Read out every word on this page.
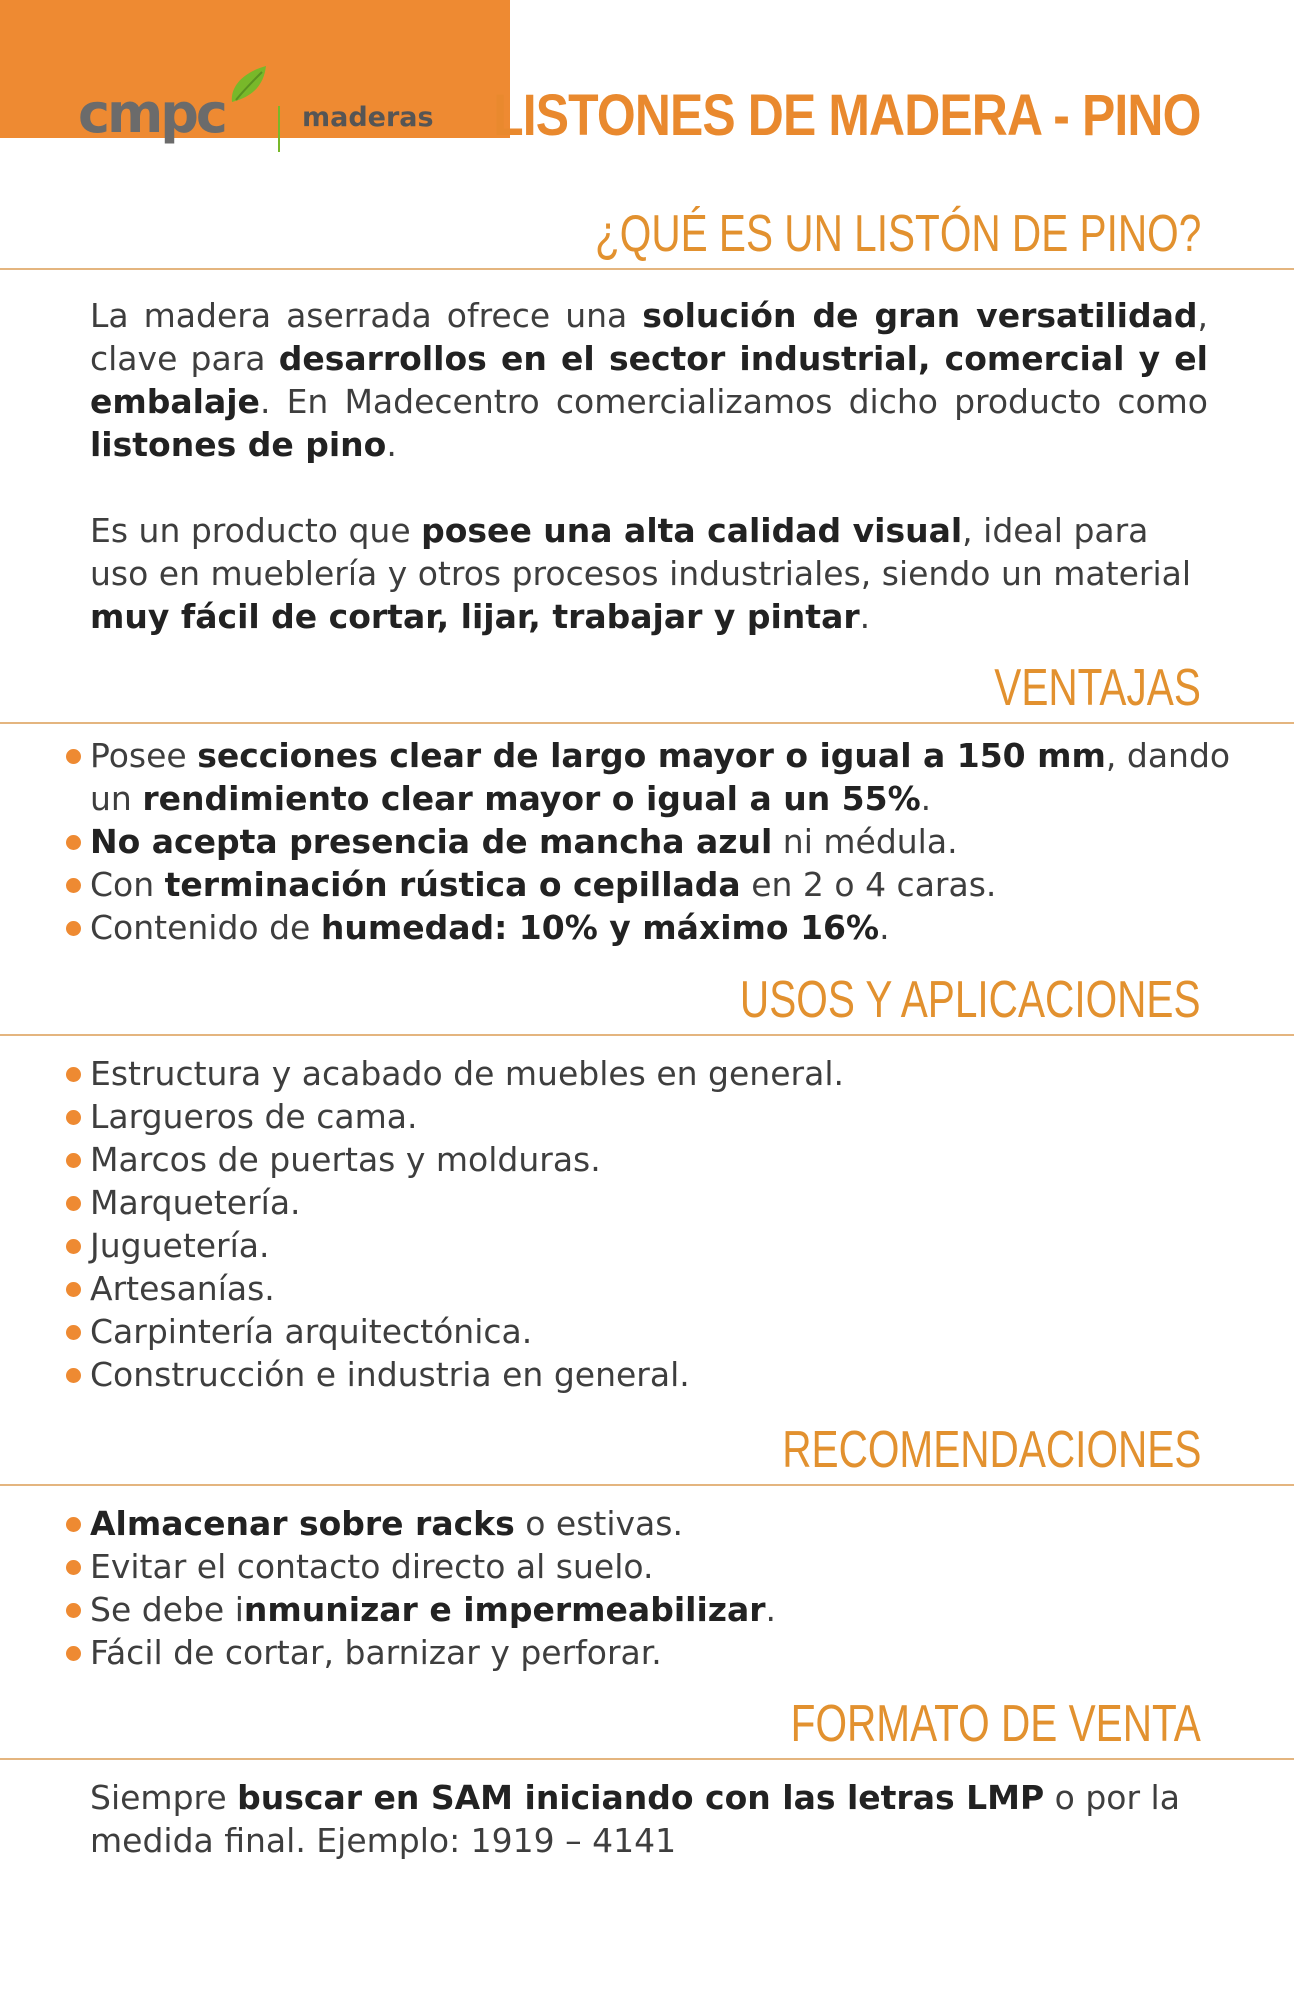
cmpc	maderas LISTONES DE MADERA - PINO
¿QUÉ ES UN LISTÓN DE PINO?

La madera aserrada ofrece una solución de gran versatilidad, clave para desarrollos en el sector industrial, comercial y el embalaje. En Madecentro comercializamos dicho producto como listones de pino.

Es un producto que posee una alta calidad visual, ideal para uso en mueblería y otros procesos industriales, siendo un material muy fácil de cortar, lijar, trabajar y pintar.

VENTAJAS
Posee secciones clear de largo mayor o igual a 150 mm, dando un rendimiento clear mayor o igual a un 55%.
No acepta presencia de mancha azul ni médula.
Con terminación rústica o cepillada en 2 o 4 caras.
Contenido de humedad: 10% y máximo 16%.
USOS Y APLICACIONES
Estructura y acabado de muebles en general.
Largueros de cama.
Marcos de puertas y molduras.
Marquetería.
Juguetería.
Artesanías.
Carpintería arquitectónica.
Construcción e industria en general.
RECOMENDACIONES
Almacenar sobre racks o estivas.
Evitar el contacto directo al suelo.
Se debe inmunizar e impermeabilizar.
Fácil de cortar, barnizar y perforar.
FORMATO DE VENTA

Siempre buscar en SAM iniciando con las letras LMP o por la medida final. Ejemplo: 1919 – 4141
